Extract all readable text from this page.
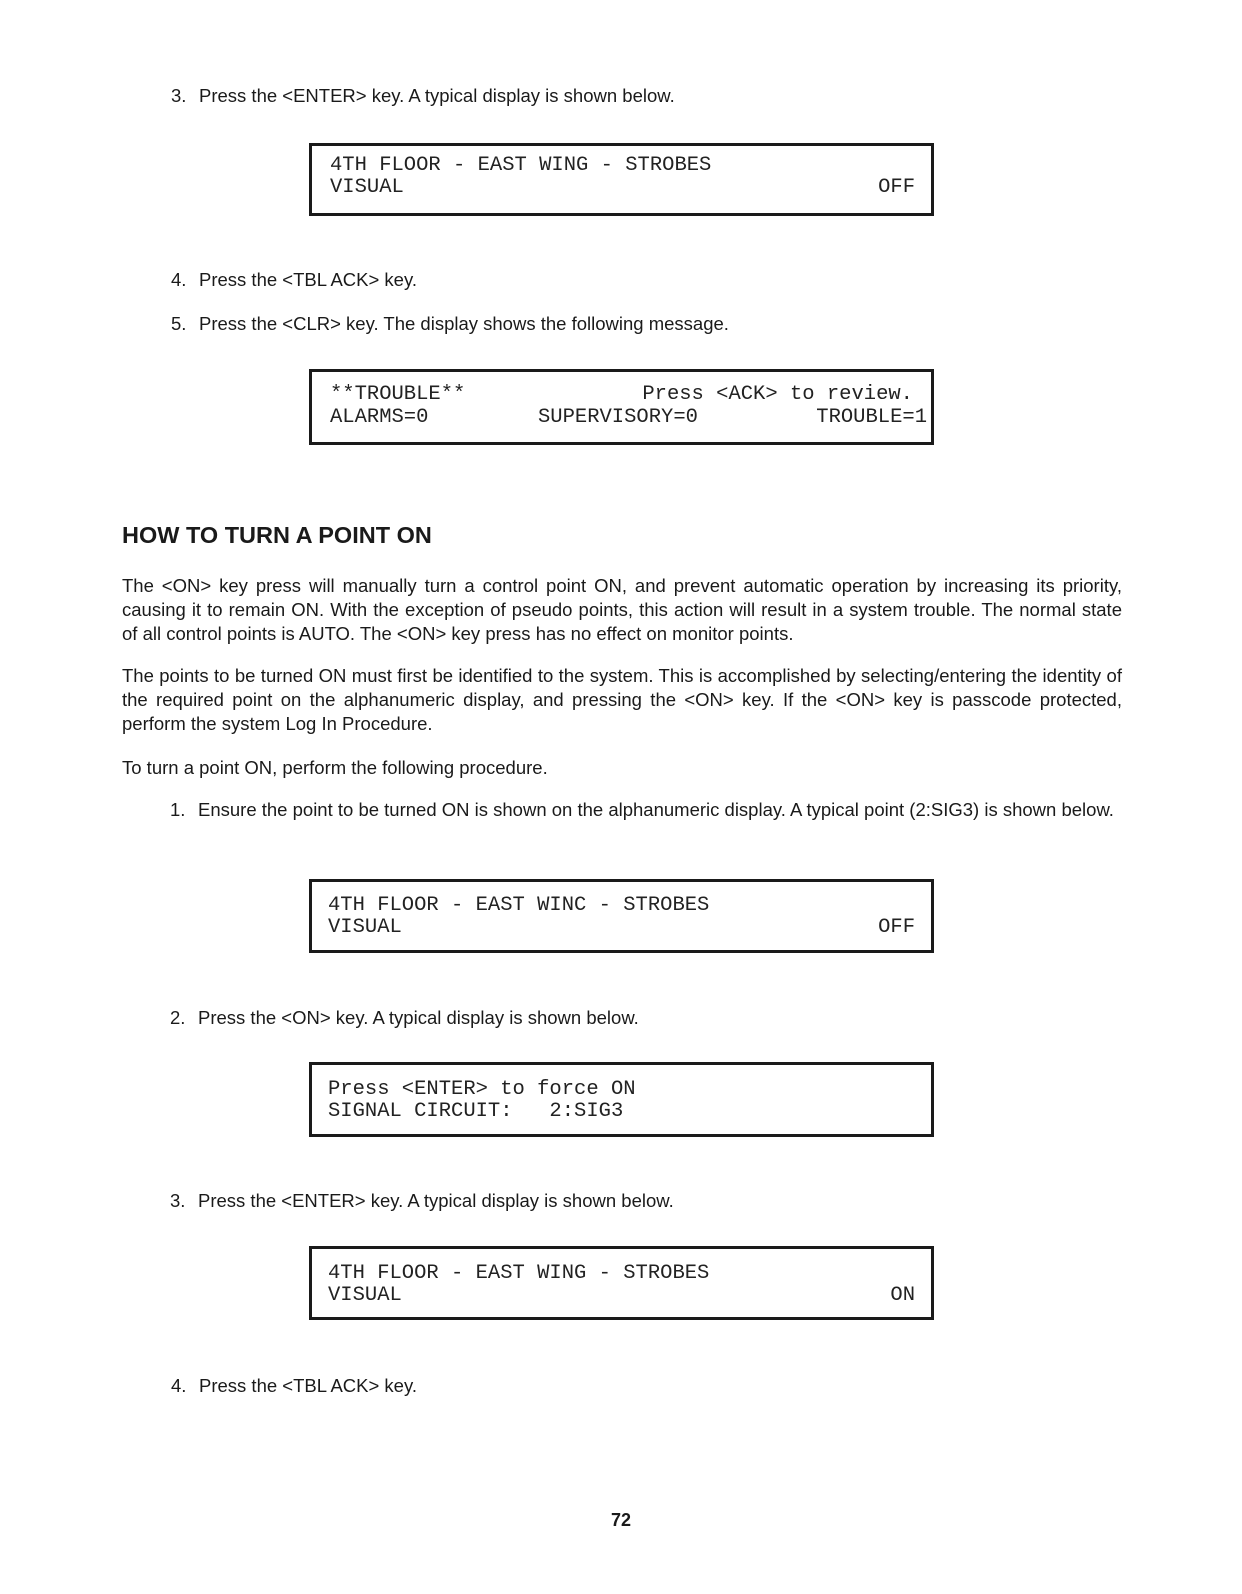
3. Press the <ENTER> key. A typical display is shown below.
4TH FLOOR - EAST WING - STROBES
VISUAL	OFF
4. Press the <TBL ACK> key.
5. Press the <CLR> key. The display shows the following message.
**TROUBLE**	Press <ACK> to review.
ALARMS=0	SUPERVISORY=0	TROUBLE=1
HOW TO TURN A POINT ON

The <ON> key press will manually turn a control point ON, and prevent automatic operation by increasing its priority, causing it to remain ON. With the exception of pseudo points, this action will result in a system trouble. The normal state of all control points is AUTO. The <ON> key press has no effect on monitor points.

The points to be turned ON must first be identified to the system. This is accomplished by selecting/entering the identity of the required point on the alphanumeric display, and pressing the <ON> key. If the <ON> key is passcode protected, perform the system Log In Procedure.

To turn a point ON, perform the following procedure.

1. Ensure the point to be turned ON is shown on the alphanumeric display. A typical point (2:SIG3) is shown below.
4TH FLOOR - EAST WINC - STROBES
VISUAL	OFF
2. Press the <ON> key. A typical display is shown below.
Press <ENTER> to force ON
SIGNAL CIRCUIT:   2:SIG3
3. Press the <ENTER> key. A typical display is shown below.
4TH FLOOR - EAST WING - STROBES
VISUAL	ON
4. Press the <TBL ACK> key.
72
